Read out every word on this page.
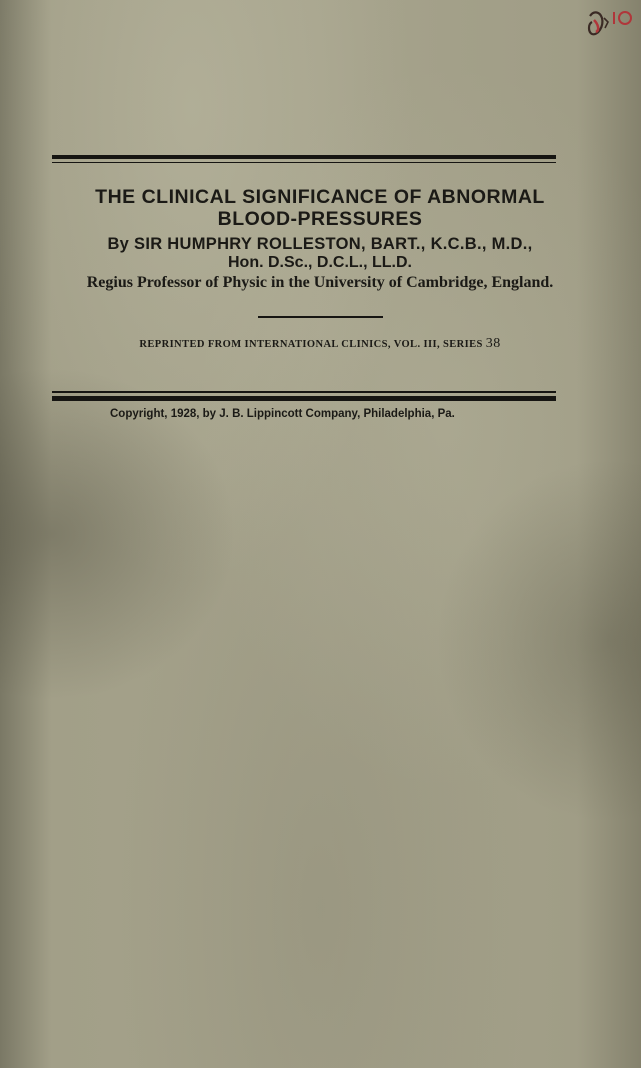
THE CLINICAL SIGNIFICANCE OF ABNORMAL
BLOOD-PRESSURES

By SIR HUMPHRY ROLLESTON, BART., K.C.B., M.D.,

Hon. D.Sc., D.C.L., LL.D.

Regius Professor of Physic in the University of Cambridge, England.

REPRINTED FROM INTERNATIONAL CLINICS, VOL. III, SERIES 38

Copyright, 1928, by J. B. Lippincott Company, Philadelphia, Pa.
